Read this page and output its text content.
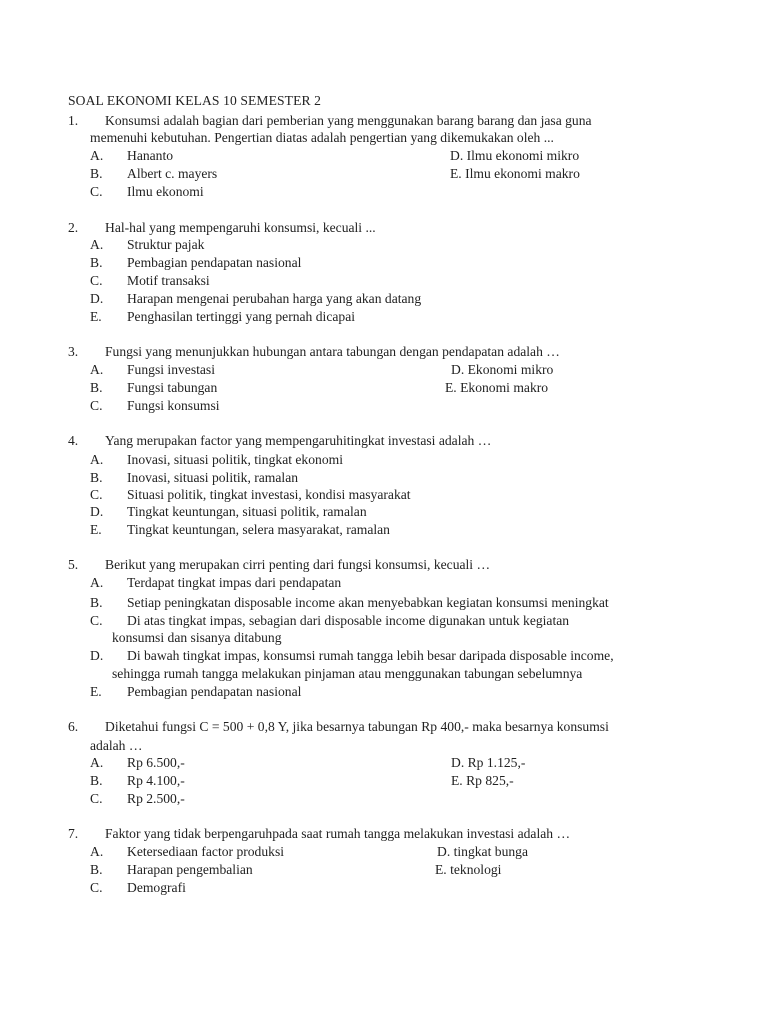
SOAL EKONOMI KELAS 10 SEMESTER 2
1. Konsumsi adalah bagian dari pemberian yang menggunakan barang barang dan jasa guna
memenuhi kebutuhan. Pengertian diatas adalah pengertian yang dikemukakan oleh ...
A. Hananto	D. Ilmu ekonomi mikro
B. Albert c. mayers	E. Ilmu ekonomi makro
C. Ilmu ekonomi
2. Hal-hal yang mempengaruhi konsumsi, kecuali ...
A. Struktur pajak
B. Pembagian pendapatan nasional
C. Motif transaksi
D. Harapan mengenai perubahan harga yang akan datang
E. Penghasilan tertinggi yang pernah dicapai
3. Fungsi yang menunjukkan hubungan antara tabungan dengan pendapatan adalah …
A. Fungsi investasi	D. Ekonomi mikro
B. Fungsi tabungan	E. Ekonomi makro
C. Fungsi konsumsi
4. Yang merupakan factor yang mempengaruhitingkat investasi adalah …
A. Inovasi, situasi politik, tingkat ekonomi
B. Inovasi, situasi politik, ramalan
C. Situasi politik, tingkat investasi, kondisi masyarakat
D. Tingkat keuntungan, situasi politik, ramalan
E. Tingkat keuntungan, selera masyarakat, ramalan
5. Berikut yang merupakan cirri penting dari fungsi konsumsi, kecuali …
A. Terdapat tingkat impas dari pendapatan
B. Setiap peningkatan disposable income akan menyebabkan kegiatan konsumsi meningkat
C. Di atas tingkat impas, sebagian dari disposable income digunakan untuk kegiatan
konsumsi dan sisanya ditabung
D. Di bawah tingkat impas, konsumsi rumah tangga lebih besar daripada disposable income,
sehingga rumah tangga melakukan pinjaman atau menggunakan tabungan sebelumnya
E. Pembagian pendapatan nasional
6. Diketahui fungsi C = 500 + 0,8 Y, jika besarnya tabungan Rp 400,- maka besarnya konsumsi
adalah …
A. Rp 6.500,-	D. Rp 1.125,-
B. Rp 4.100,-	E. Rp 825,-
C. Rp 2.500,-
7. Faktor yang tidak berpengaruhpada saat rumah tangga melakukan investasi adalah …
A. Ketersediaan factor produksi	D. tingkat bunga
B. Harapan pengembalian	E. teknologi
C. Demografi
